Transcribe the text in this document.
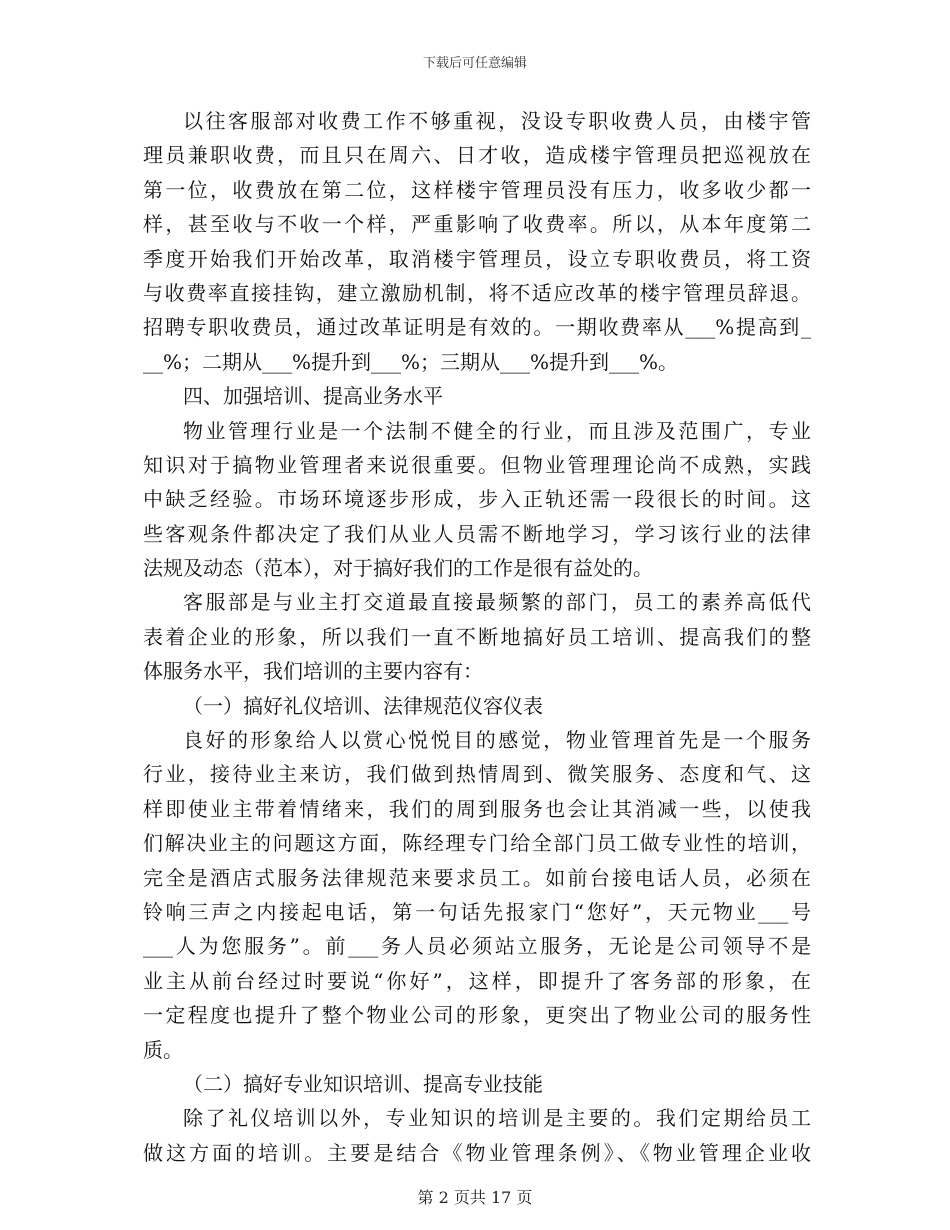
下载后可任意编辑
以往客服部对收费工作不够重视，没设专职收费人员，由楼宇管
理员兼职收费，而且只在周六、日才收，造成楼宇管理员把巡视放在
第一位，收费放在第二位，这样楼宇管理员没有压力，收多收少都一
样，甚至收与不收一个样，严重影响了收费率。所以，从本年度第二
季度开始我们开始改革，取消楼宇管理员，设立专职收费员，将工资
与收费率直接挂钩，建立激励机制，将不适应改革的楼宇管理员辞退。
招聘专职收费员，通过改革证明是有效的。一期收费率从___%提高到_
__%；二期从___%提升到___%；三期从___%提升到___%。
四、加强培训、提高业务水平
物业管理行业是一个法制不健全的行业，而且涉及范围广，专业
知识对于搞物业管理者来说很重要。但物业管理理论尚不成熟，实践
中缺乏经验。市场环境逐步形成，步入正轨还需一段很长的时间。这
些客观条件都决定了我们从业人员需不断地学习，学习该行业的法律
法规及动态（范本），对于搞好我们的工作是很有益处的。
客服部是与业主打交道最直接最频繁的部门，员工的素养高低代
表着企业的形象，所以我们一直不断地搞好员工培训、提高我们的整
体服务水平，我们培训的主要内容有：
（一）搞好礼仪培训、法律规范仪容仪表
良好的形象给人以赏心悦悦目的感觉，物业管理首先是一个服务
行业，接待业主来访，我们做到热情周到、微笑服务、态度和气、这
样即使业主带着情绪来，我们的周到服务也会让其消减一些，以使我
们解决业主的问题这方面，陈经理专门给全部门员工做专业性的培训，
完全是酒店式服务法律规范来要求员工。如前台接电话人员，必须在
铃响三声之内接起电话，第一句话先报家门“您好”，天元物业___号
___人为您服务”。前___务人员必须站立服务，无论是公司领导不是
业主从前台经过时要说“你好”，这样，即提升了客务部的形象，在
一定程度也提升了整个物业公司的形象，更突出了物业公司的服务性
质。
（二）搞好专业知识培训、提高专业技能
除了礼仪培训以外，专业知识的培训是主要的。我们定期给员工
做这方面的培训。主要是结合《物业管理条例》、《物业管理企业收
第 2 页共 17 页
